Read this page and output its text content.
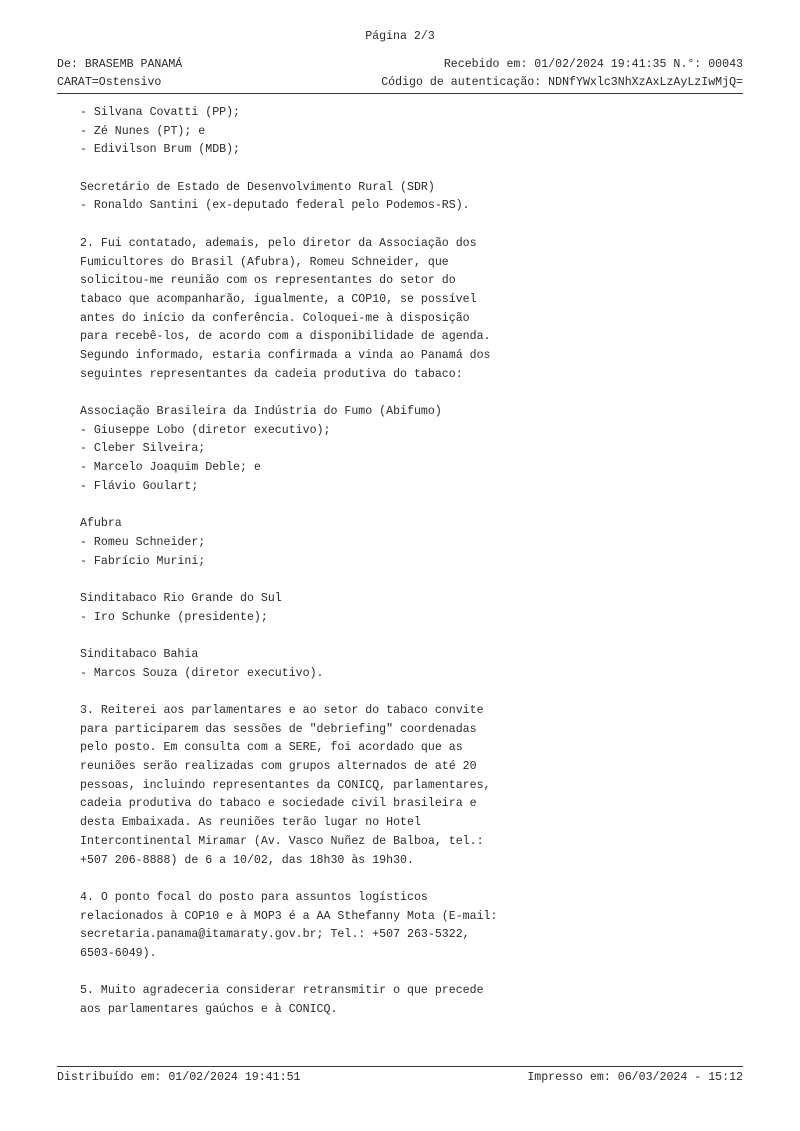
Página 2/3
De: BRASEMB PANAMÁ	Recebido em: 01/02/2024 19:41:35 N.°: 00043
CARAT=Ostensivo	Código de autenticação: NDNfYWxlc3NhXzAxLzAyLzIwMjQ=
- Silvana Covatti (PP);
- Zé Nunes (PT); e
- Edivilson Brum (MDB);
Secretário de Estado de Desenvolvimento Rural (SDR)
- Ronaldo Santini (ex-deputado federal pelo Podemos-RS).
2. Fui contatado, ademais, pelo diretor da Associação dos
Fumicultores do Brasil (Afubra), Romeu Schneider, que
solicitou-me reunião com os representantes do setor do
tabaco que acompanharão, igualmente, a COP10, se possível
antes do início da conferência. Coloquei-me à disposição
para recebê-los, de acordo com a disponibilidade de agenda.
Segundo informado, estaria confirmada a vinda ao Panamá dos
seguintes representantes da cadeia produtiva do tabaco:
Associação Brasileira da Indústria do Fumo (Abifumo)
- Giuseppe Lobo (diretor executivo);
- Cleber Silveira;
- Marcelo Joaquim Deble; e
- Flávio Goulart;
Afubra
- Romeu Schneider;
- Fabrício Murini;
Sinditabaco Rio Grande do Sul
- Iro Schunke (presidente);
Sinditabaco Bahia
- Marcos Souza (diretor executivo).
3. Reiterei aos parlamentares e ao setor do tabaco convite
para participarem das sessões de "debriefing" coordenadas
pelo posto. Em consulta com a SERE, foi acordado que as
reuniões serão realizadas com grupos alternados de até 20
pessoas, incluindo representantes da CONICQ, parlamentares,
cadeia produtiva do tabaco e sociedade civil brasileira e
desta Embaixada. As reuniões terão lugar no Hotel
Intercontinental Miramar (Av. Vasco Nuñez de Balboa, tel.:
+507 206-8888) de 6 a 10/02, das 18h30 às 19h30.
4. O ponto focal do posto para assuntos logísticos
relacionados à COP10 e à MOP3 é a AA Sthefanny Mota (E-mail:
secretaria.panama@itamaraty.gov.br; Tel.: +507 263-5322,
6503-6049).
5. Muito agradeceria considerar retransmitir o que precede
aos parlamentares gaúchos e à CONICQ.
Distribuído em: 01/02/2024 19:41:51	Impresso em: 06/03/2024 - 15:12
